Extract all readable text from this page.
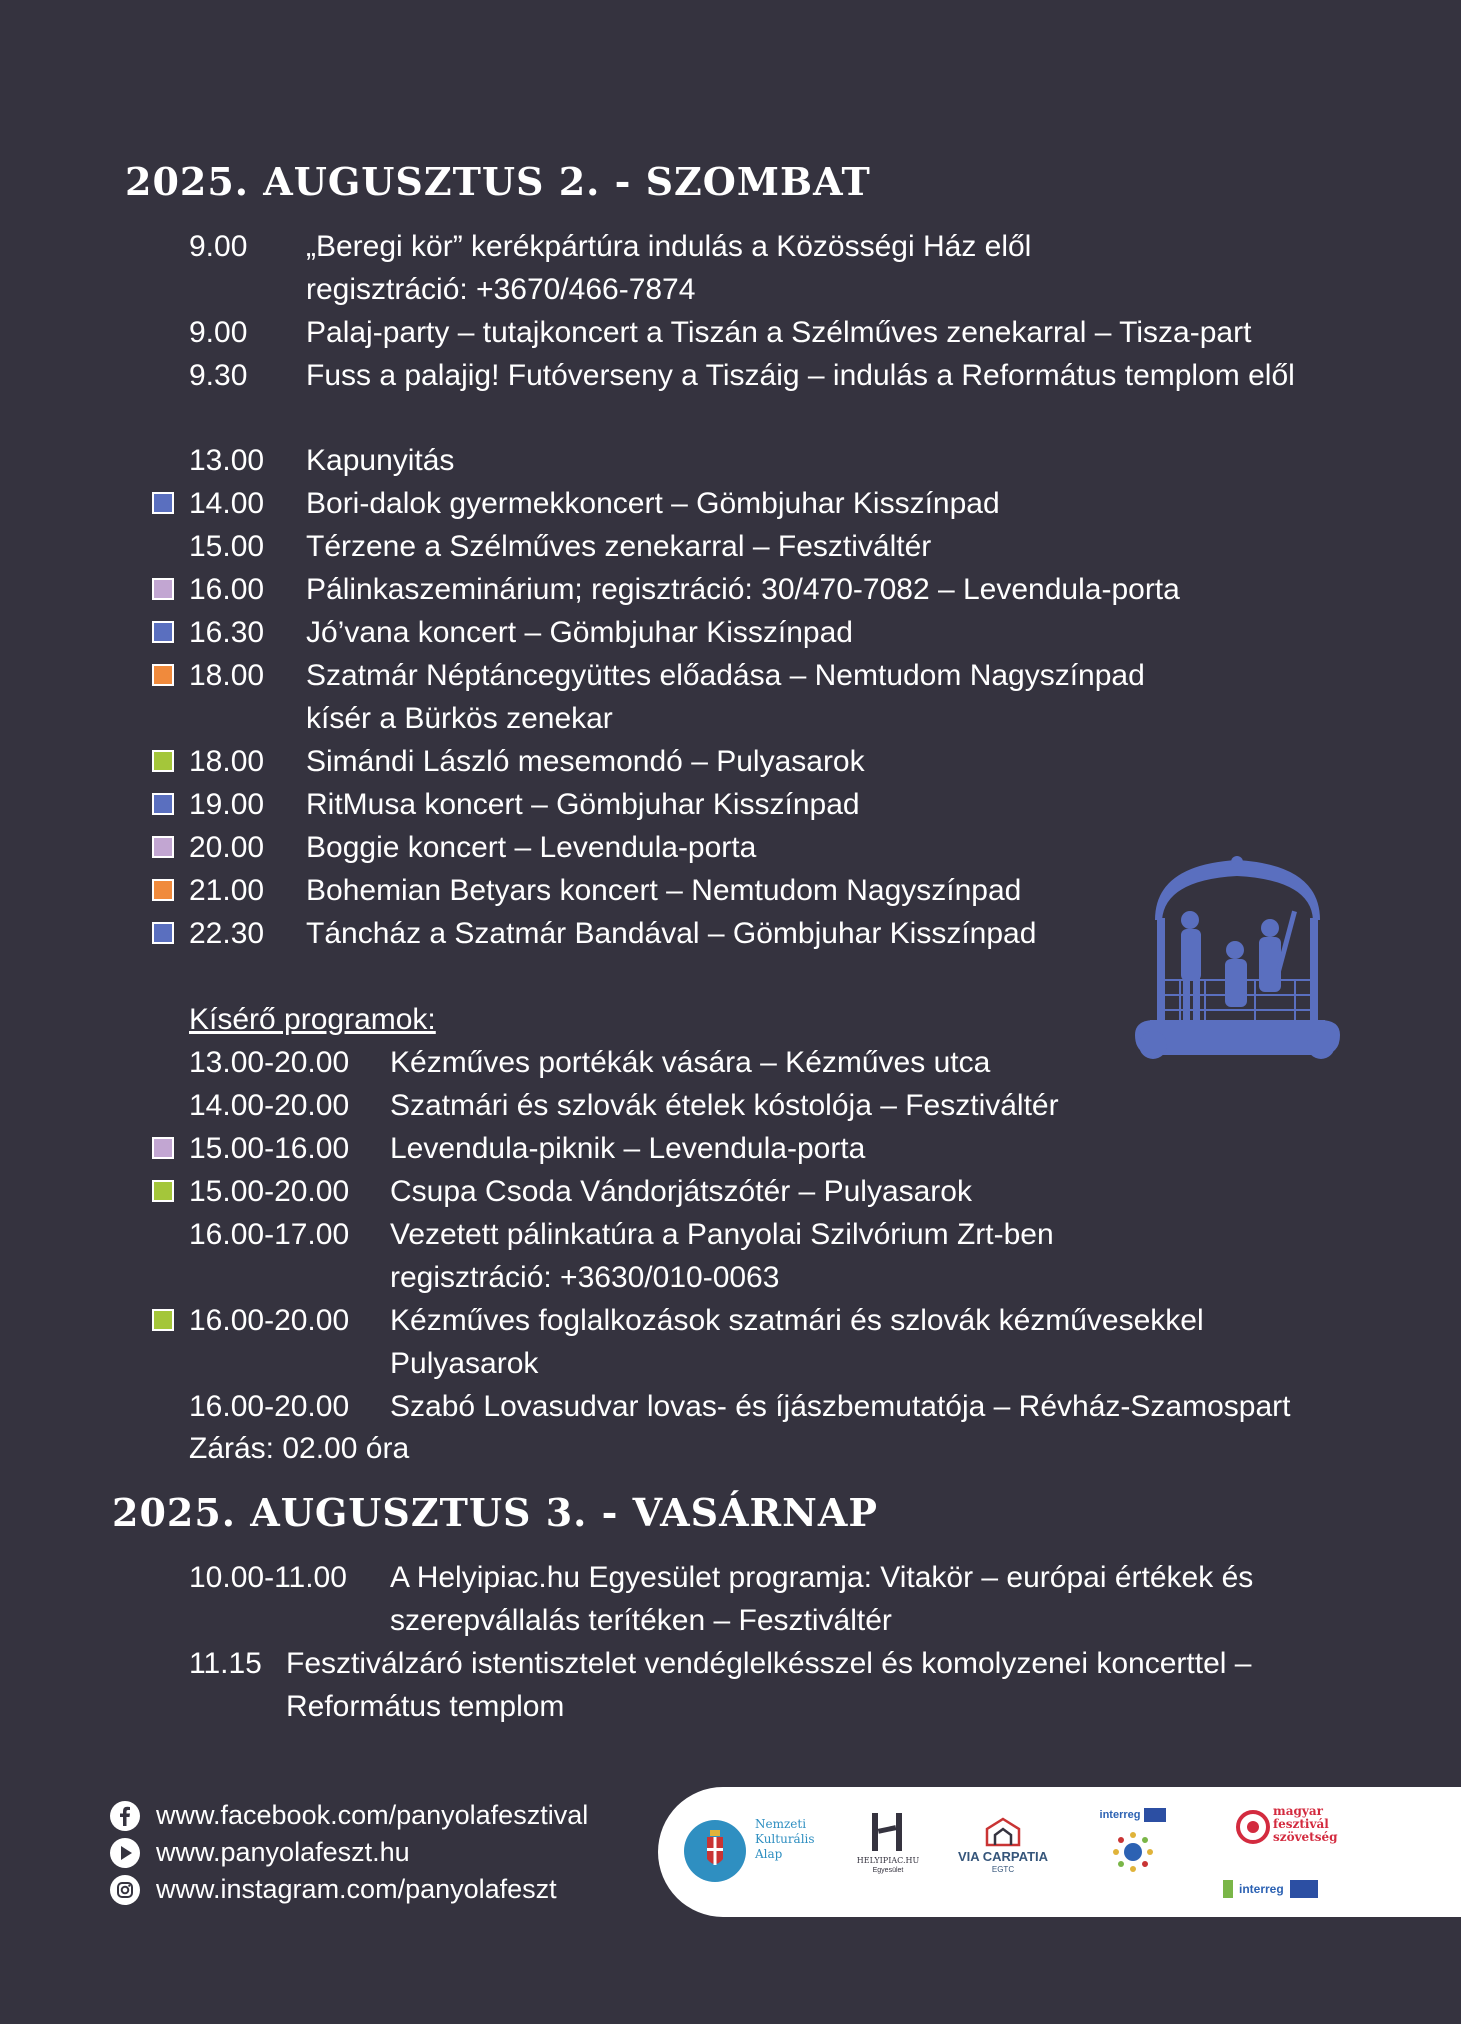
2025. AUGUSZTUS 2. - SZOMBAT
9.00 „Beregi kör” kerékpártúra indulás a Közösségi Ház elől
regisztráció: +3670/466-7874
9.00 Palaj-party – tutajkoncert a Tiszán a Szélműves zenekarral – Tisza-part
9.30 Fuss a palajig! Futóverseny a Tiszáig – indulás a Református templom elől
13.00 Kapunyitás
14.00 Bori-dalok gyermekkoncert – Gömbjuhar Kisszínpad
15.00 Térzene a Szélműves zenekarral – Fesztiváltér
16.00 Pálinkaszeminárium; regisztráció: 30/470-7082 – Levendula-porta
16.30 Jó’vana koncert – Gömbjuhar Kisszínpad
18.00 Szatmár Néptáncegyüttes előadása – Nemtudom Nagyszínpad
kísér a Bürkös zenekar
18.00 Simándi László mesemondó – Pulyasarok
19.00 RitMusa koncert – Gömbjuhar Kisszínpad
20.00 Boggie koncert – Levendula-porta
21.00 Bohemian Betyars koncert – Nemtudom Nagyszínpad
22.30 Táncház a Szatmár Bandával – Gömbjuhar Kisszínpad
Kísérő programok:
13.00-20.00 Kézműves portékák vására – Kézműves utca
14.00-20.00 Szatmári és szlovák ételek kóstolója – Fesztiváltér
15.00-16.00 Levendula-piknik – Levendula-porta
15.00-20.00 Csupa Csoda Vándorjátszótér – Pulyasarok
16.00-17.00 Vezetett pálinkatúra a Panyolai Szilvórium Zrt-ben
regisztráció: +3630/010-0063
16.00-20.00 Kézműves foglalkozások szatmári és szlovák kézművesekkel
Pulyasarok
16.00-20.00 Szabó Lovasudvar lovas- és íjászbemutatója – Révház-Szamospart
Zárás: 02.00 óra
2025. AUGUSZTUS 3. - VASÁRNAP
10.00-11.00 A Helyipiac.hu Egyesület programja: Vitakör – európai értékek és
szerepvállalás terítéken – Fesztiváltér
11.15 Fesztiválzáró istentisztelet vendéglelkésszel és komolyzenei koncerttel –
Református templom
www.facebook.com/panyolafesztival
www.panyolafeszt.hu
www.instagram.com/panyolafeszt
Nemzeti
Kulturális
Alap	HELYIPIAC.HU
Egyesület
VIA CARPATIA
EGTC
interreg	magyar
fesztivál
szövetség
interreg
